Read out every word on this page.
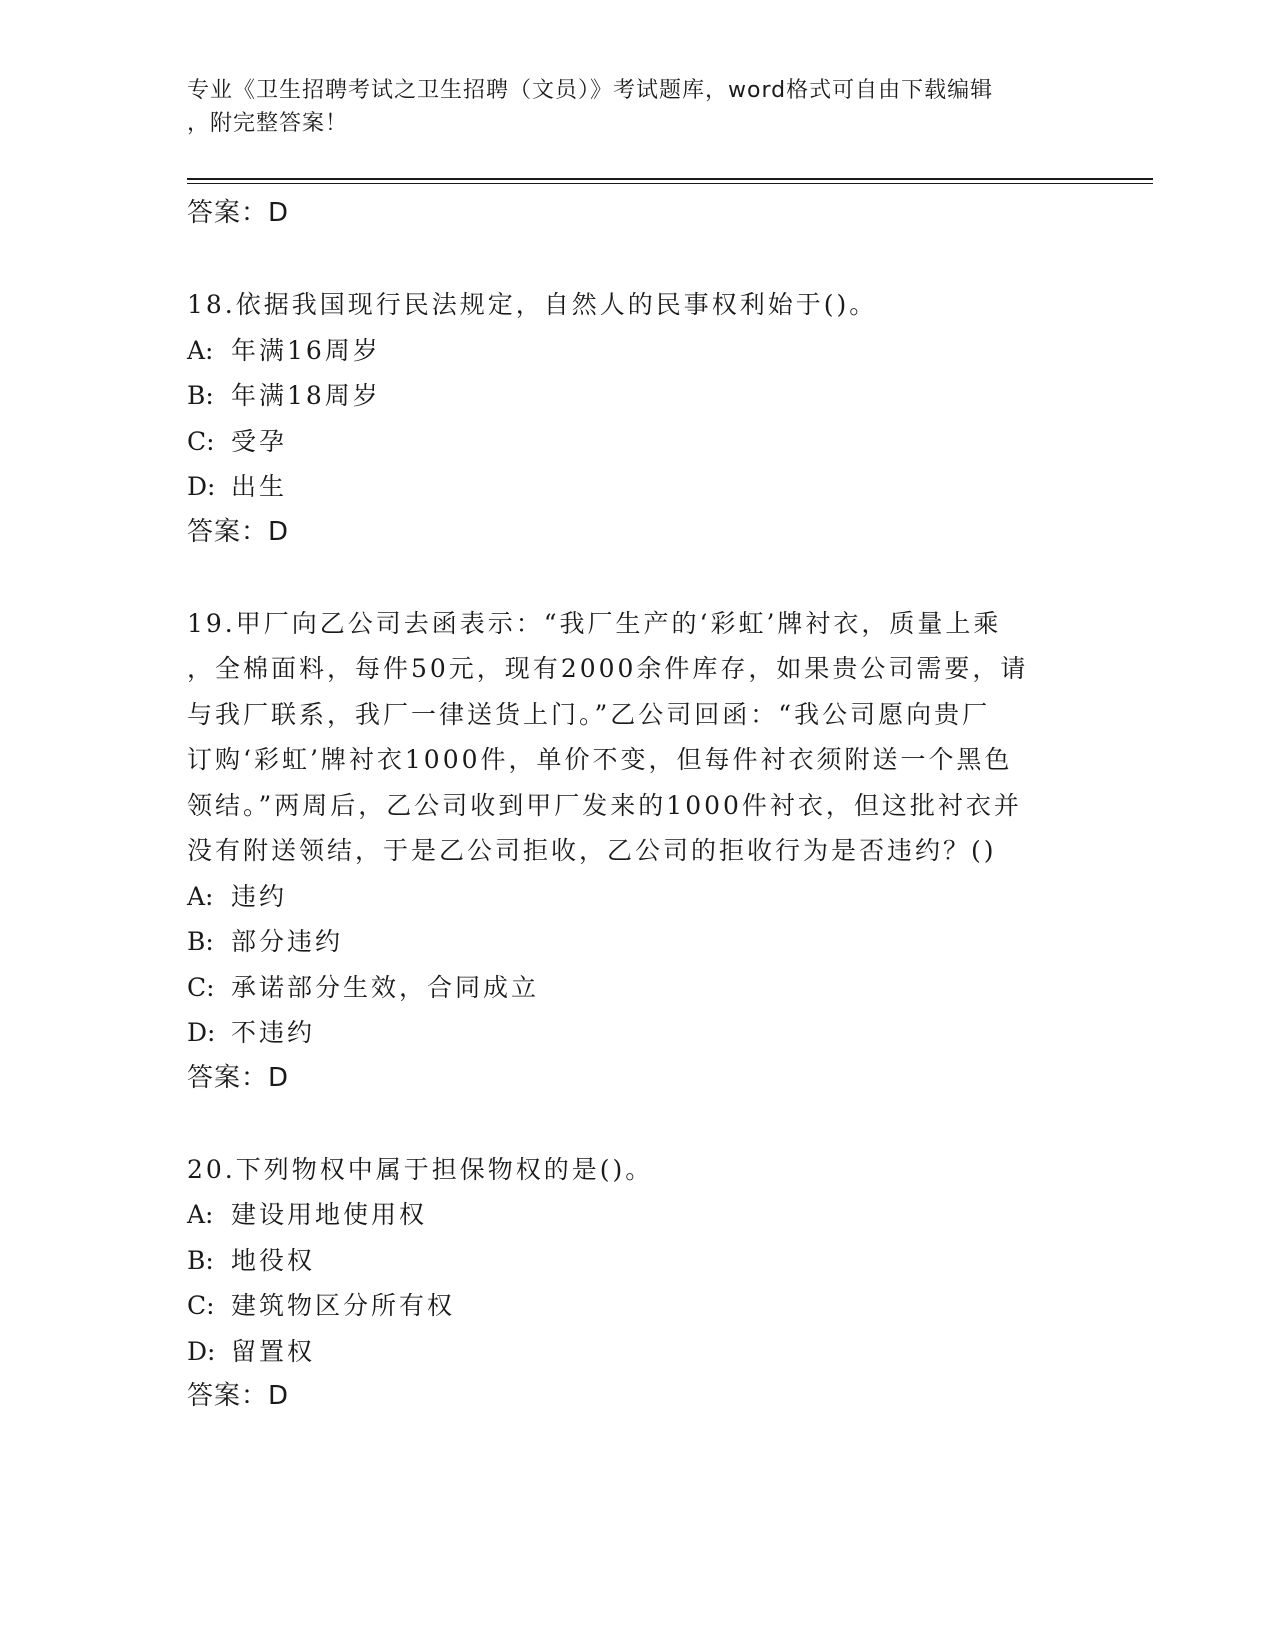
专业《卫生招聘考试之卫生招聘（文员）》考试题库，word格式可自由下载编辑
，附完整答案！
答案：D
18.依据我国现行民法规定，自然人的民事权利始于()。
A: 年满16周岁
B: 年满18周岁
C: 受孕
D: 出生
答案：D
19.甲厂向乙公司去函表示：“我厂生产的‘彩虹’牌衬衣，质量上乘
，全棉面料，每件50元，现有2000余件库存，如果贵公司需要，请
与我厂联系，我厂一律送货上门。”乙公司回函：“我公司愿向贵厂
订购‘彩虹’牌衬衣1000件，单价不变，但每件衬衣须附送一个黑色
领结。”两周后，乙公司收到甲厂发来的1000件衬衣，但这批衬衣并
没有附送领结，于是乙公司拒收，乙公司的拒收行为是否违约？()
A: 违约
B: 部分违约
C: 承诺部分生效，合同成立
D: 不违约
答案：D
20.下列物权中属于担保物权的是()。
A: 建设用地使用权
B: 地役权
C: 建筑物区分所有权
D: 留置权
答案：D
